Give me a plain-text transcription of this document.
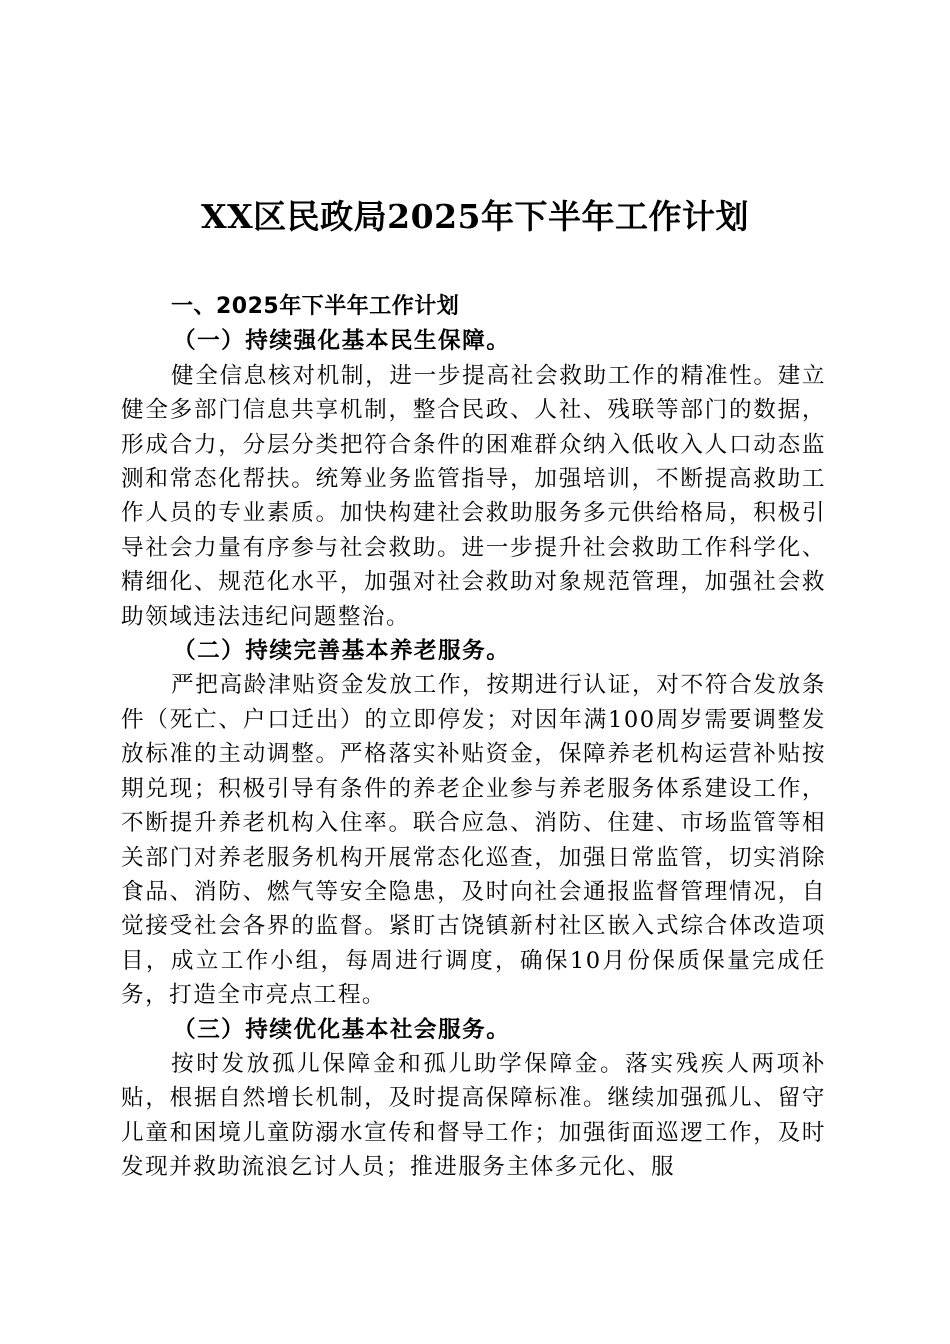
XX区民政局2025年下半年工作计划

一、2025年下半年工作计划

（一）持续强化基本民生保障。

健全信息核对机制，进一步提高社会救助工作的精准性。建立健全多部门信息共享机制，整合民政、人社、残联等部门的数据，形成合力，分层分类把符合条件的困难群众纳入低收入人口动态监测和常态化帮扶。统筹业务监管指导，加强培训，不断提高救助工作人员的专业素质。加快构建社会救助服务多元供给格局，积极引导社会力量有序参与社会救助。进一步提升社会救助工作科学化、精细化、规范化水平，加强对社会救助对象规范管理，加强社会救助领域违法违纪问题整治。

（二）持续完善基本养老服务。

严把高龄津贴资金发放工作，按期进行认证，对不符合发放条件（死亡、户口迁出）的立即停发；对因年满100周岁需要调整发放标准的主动调整。严格落实补贴资金，保障养老机构运营补贴按期兑现；积极引导有条件的养老企业参与养老服务体系建设工作，不断提升养老机构入住率。联合应急、消防、住建、市场监管等相关部门对养老服务机构开展常态化巡查，加强日常监管，切实消除食品、消防、燃气等安全隐患，及时向社会通报监督管理情况，自觉接受社会各界的监督。紧盯古饶镇新村社区嵌入式综合体改造项目，成立工作小组，每周进行调度，确保10月份保质保量完成任务，打造全市亮点工程。

（三）持续优化基本社会服务。

按时发放孤儿保障金和孤儿助学保障金。落实残疾人两项补贴，根据自然增长机制，及时提高保障标准。继续加强孤儿、留守儿童和困境儿童防溺水宣传和督导工作；加强街面巡逻工作，及时发现并救助流浪乞讨人员；推进服务主体多元化、服
